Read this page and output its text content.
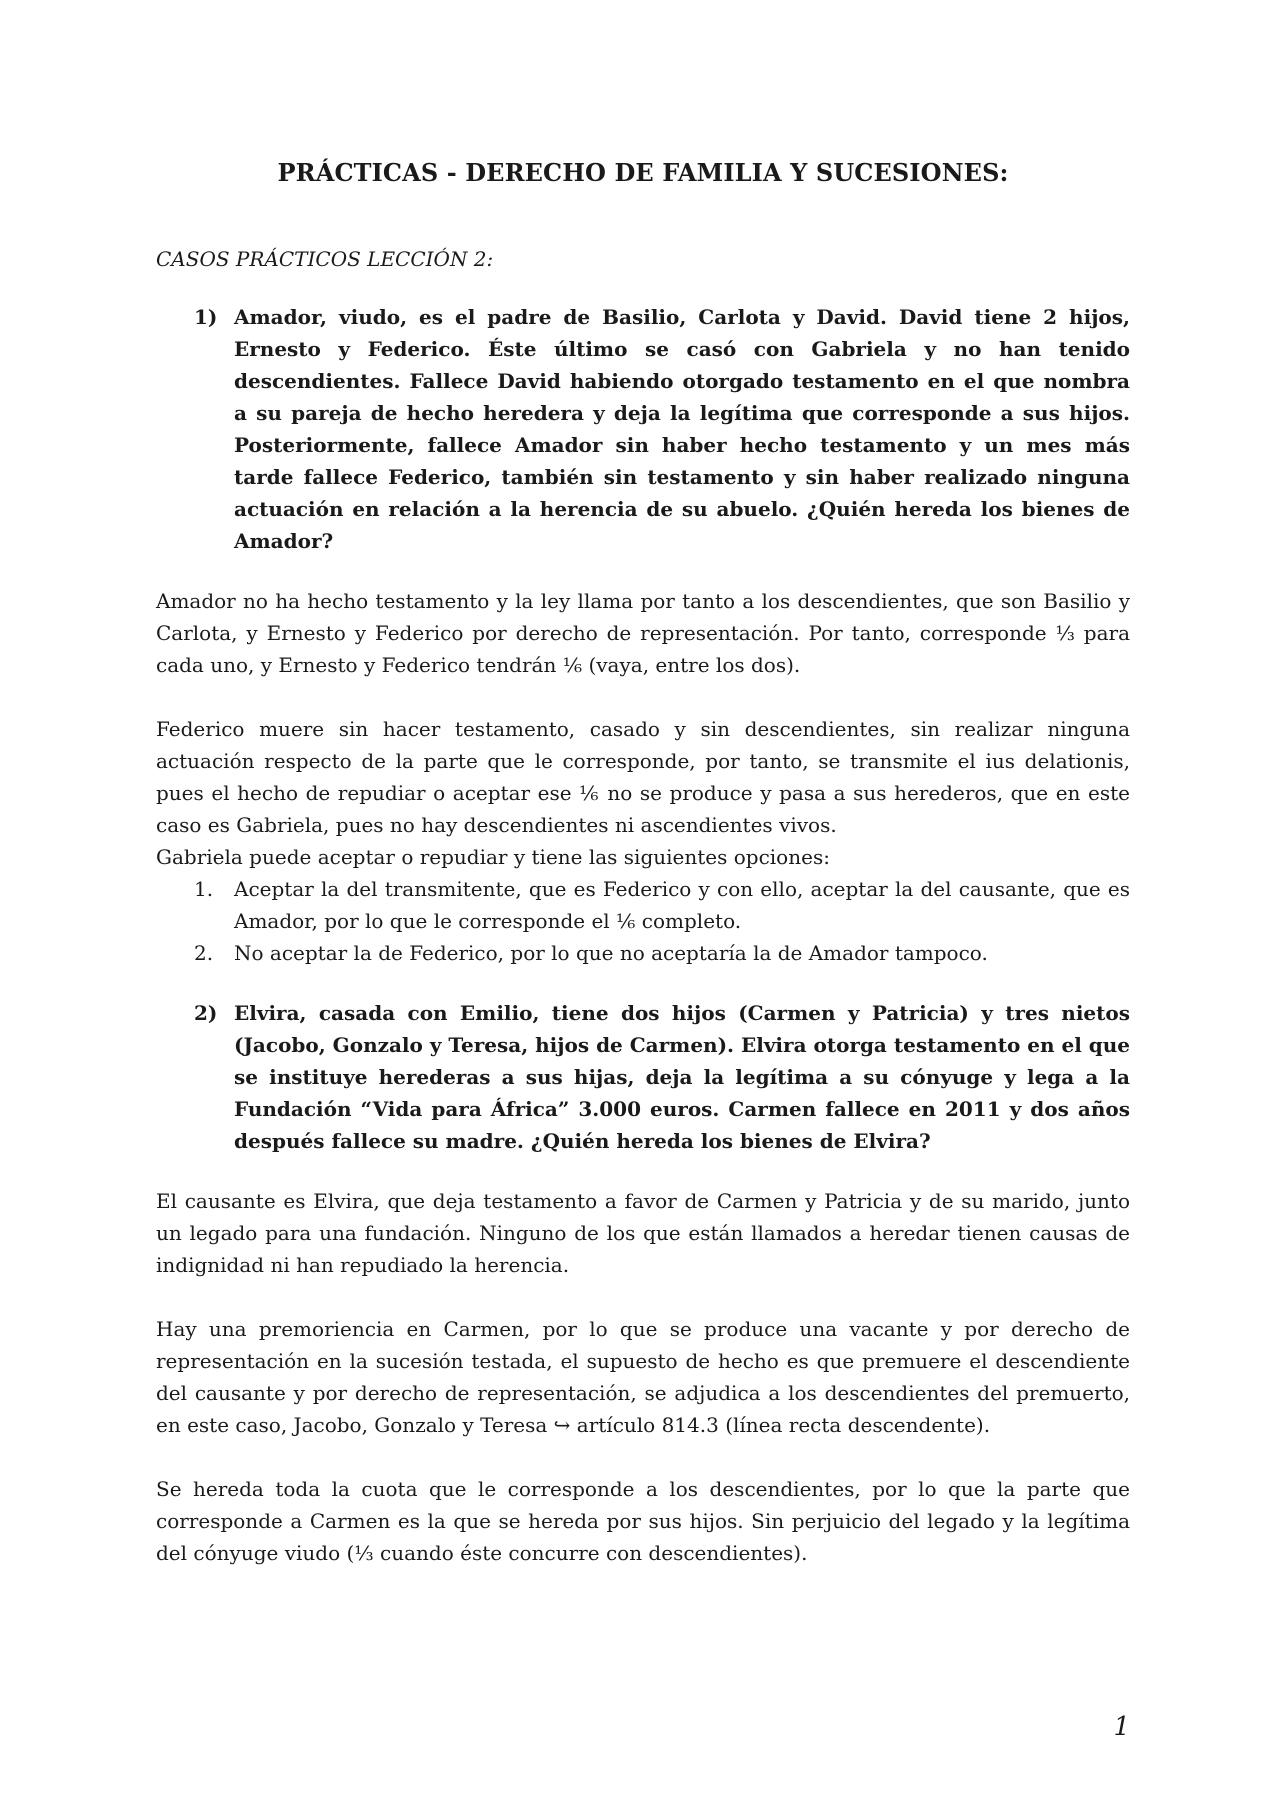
PRÁCTICAS - DERECHO DE FAMILIA Y SUCESIONES:
CASOS PRÁCTICOS LECCIÓN 2:
1) Amador, viudo, es el padre de Basilio, Carlota y David. David tiene 2 hijos, Ernesto y Federico. Éste último se casó con Gabriela y no han tenido descendientes. Fallece David habiendo otorgado testamento en el que nombra a su pareja de hecho heredera y deja la legítima que corresponde a sus hijos. Posteriormente, fallece Amador sin haber hecho testamento y un mes más tarde fallece Federico, también sin testamento y sin haber realizado ninguna actuación en relación a la herencia de su abuelo. ¿Quién hereda los bienes de Amador?

Amador no ha hecho testamento y la ley llama por tanto a los descendientes, que son Basilio y Carlota, y Ernesto y Federico por derecho de representación. Por tanto, corresponde ⅓ para cada uno, y Ernesto y Federico tendrán ⅙ (vaya, entre los dos).

Federico muere sin hacer testamento, casado y sin descendientes, sin realizar ninguna actuación respecto de la parte que le corresponde, por tanto, se transmite el ius delationis, pues el hecho de repudiar o aceptar ese ⅙ no se produce y pasa a sus herederos, que en este caso es Gabriela, pues no hay descendientes ni ascendientes vivos.

Gabriela puede aceptar o repudiar y tiene las siguientes opciones:

1.	Aceptar la del transmitente, que es Federico y con ello, aceptar la del causante, que es Amador, por lo que le corresponde el ⅙ completo.
2.	No aceptar la de Federico, por lo que no aceptaría la de Amador tampoco.
2) Elvira, casada con Emilio, tiene dos hijos (Carmen y Patricia) y tres nietos (Jacobo, Gonzalo y Teresa, hijos de Carmen). Elvira otorga testamento en el que se instituye herederas a sus hijas, deja la legítima a su cónyuge y lega a la Fundación “Vida para África” 3.000 euros. Carmen fallece en 2011 y dos años después fallece su madre. ¿Quién hereda los bienes de Elvira?

El causante es Elvira, que deja testamento a favor de Carmen y Patricia y de su marido, junto un legado para una fundación. Ninguno de los que están llamados a heredar tienen causas de indignidad ni han repudiado la herencia.

Hay una premoriencia en Carmen, por lo que se produce una vacante y por derecho de representación en la sucesión testada, el supuesto de hecho es que premuere el descendiente del causante y por derecho de representación, se adjudica a los descendientes del premuerto, en este caso, Jacobo, Gonzalo y Teresa ↪ artículo 814.3 (línea recta descendente).

Se hereda toda la cuota que le corresponde a los descendientes, por lo que la parte que corresponde a Carmen es la que se hereda por sus hijos. Sin perjuicio del legado y la legítima del cónyuge viudo (⅓ cuando éste concurre con descendientes).

1
